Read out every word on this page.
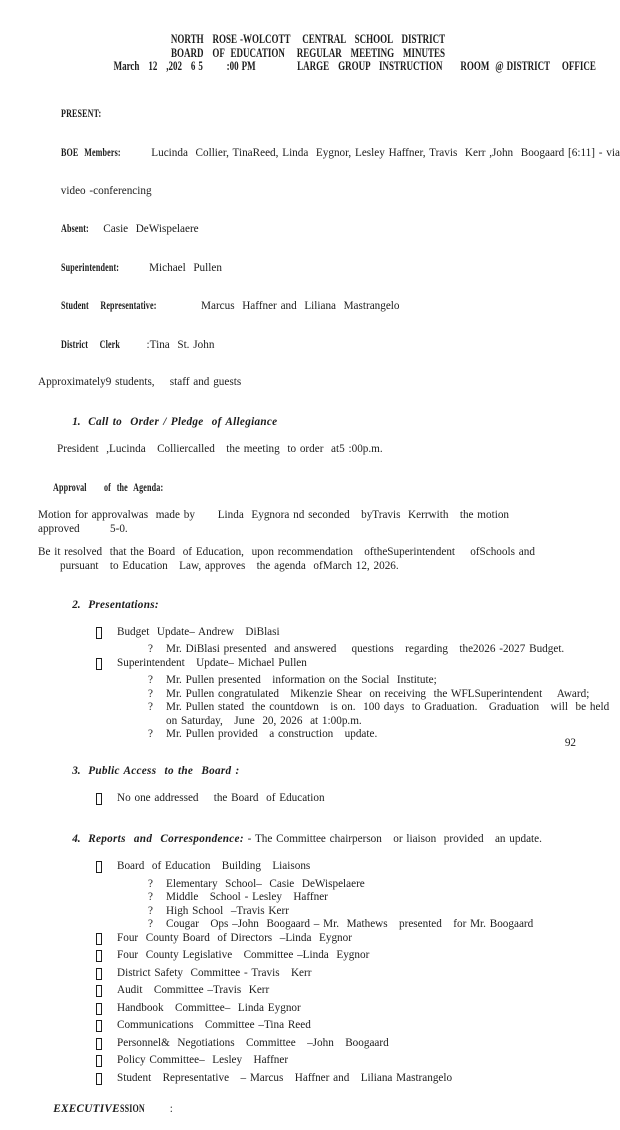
NORTH   ROSE -WOLCOTT    CENTRAL   SCHOOL   DISTRICT
BOARD   OF  EDUCATION    REGULAR   MEETING   MINUTES
March   12   ,202   6 5        :00 PM              LARGE   GROUP   INSTRUCTION      ROOM  @ DISTRICT    OFFICE

PRESENT:

BOE  Members:  Lucinda  Collier, TinaReed, Linda  Eygnor, Lesley Haffner, Travis  Kerr ,John  Boogaard [6:11] - via

video -conferencing

Absent: Casie  DeWispelaere

Superintendent:  Michael  Pullen

Student    Representative:	Marcus  Haffner and  Liliana  Mastrangelo

District    Clerk :Tina  St. John

Approximately9 students,    staff and guests

1. Call to  Order / Pledge  of Allegiance

President  ,Lucinda   Colliercalled   the meeting  to order  at5 :00p.m.

Approval      of  the  Agenda:

Motion for approvalwas  made by      Linda  Eygnora nd seconded   byTravis  Kerrwith   the motion
approved        5-0.
Be it resolved  that the Board  of Education,  upon recommendation   oftheSuperintendent    ofSchools and
pursuant   to Education   Law, approves   the agenda  ofMarch 12, 2026.

2. Presentations:

Budget  Update– Andrew   DiBlasi
?	Mr. DiBlasi presented  and answered    questions   regarding   the2026 -2027 Budget.
Superintendent   Update– Michael Pullen
?	Mr. Pullen presented   information on the Social  Institute;
?	Mr. Pullen congratulated   Mikenzie Shear  on receiving  the WFLSuperintendent    Award;
?	Mr. Pullen stated  the countdown   is on.  100 days  to Graduation.   Graduation   will  be held
on Saturday,   June  20, 2026  at 1:00p.m.
?	Mr. Pullen provided   a construction   update.

3. Public Access  to the  Board :

No one addressed    the Board  of Education

4. Reports  and  Correspondence: - The Committee chairperson   or liaison  provided   an update.

Board  of Education   Building   Liaisons
?	Elementary  School–  Casie  DeWispelaere
?	Middle   School - Lesley   Haffner
?	High School  –Travis Kerr
?	Cougar   Ops –John  Boogaard – Mr.  Mathews   presented   for Mr. Boogaard
Four  County Board  of Directors  –Linda  Eygnor
Four  County Legislative   Committee –Linda  Eygnor
District Safety  Committee - Travis   Kerr
Audit   Committee –Travis  Kerr
Handbook   Committee–  Linda Eygnor
Communications   Committee –Tina Reed
Personnel&  Negotiations   Committee   –John   Boogaard
Policy Committee–  Lesley   Haffner
Student   Representative   – Marcus   Haffner and   Liliana Mastrangelo

EXECUTIVESSION    :

92
